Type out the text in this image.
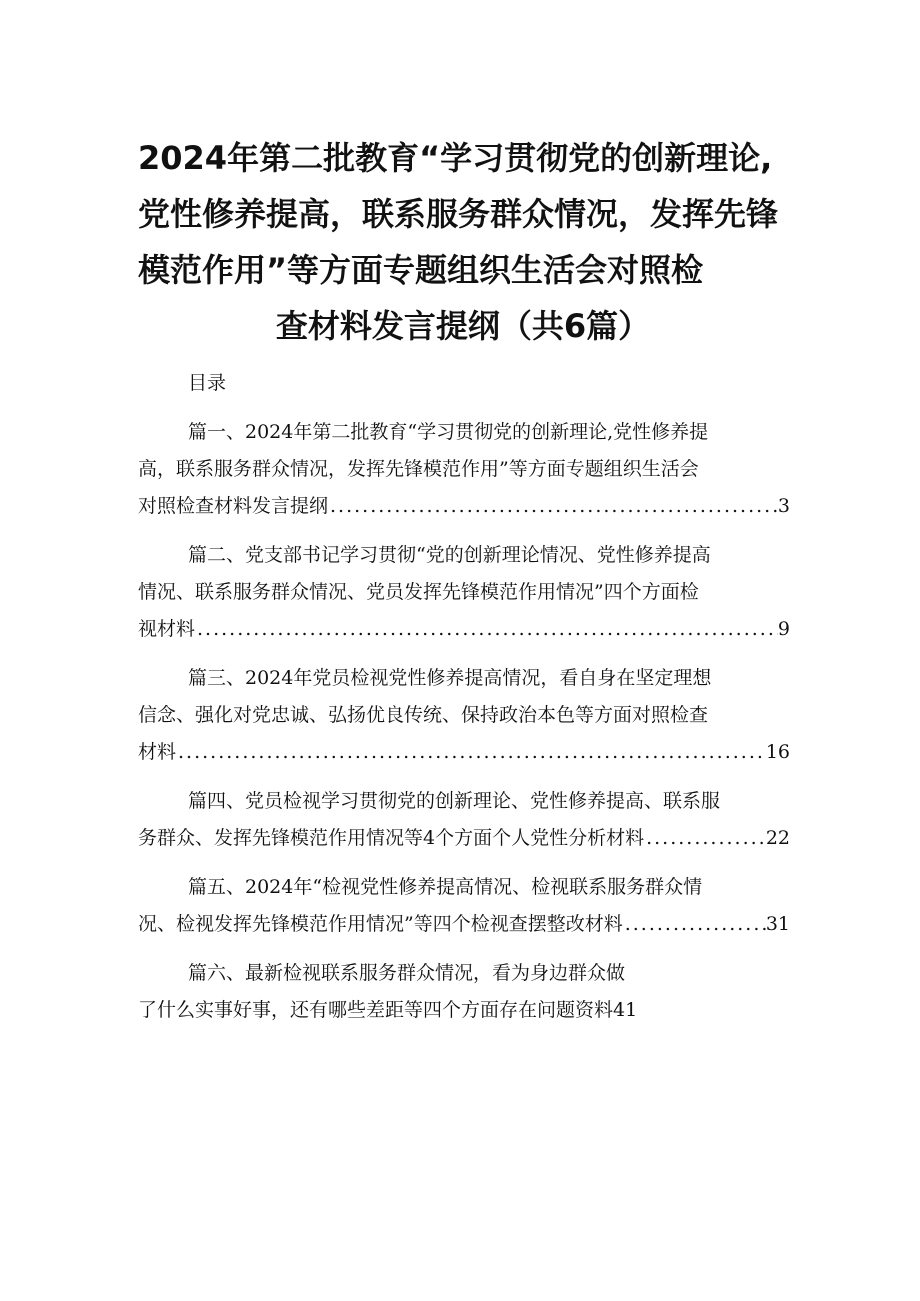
2024年第二批教育“学习贯彻党的创新理论,
党性修养提高，联系服务群众情况，发挥先锋
模范作用”等方面专题组织生活会对照检
查材料发言提纲（共6篇）
目录
篇一、2024年第二批教育“学习贯彻党的创新理论,党性修养提
高，联系服务群众情况，发挥先锋模范作用”等方面专题组织生活会
对照检查材料发言提纲 .....	3
篇二、党支部书记学习贯彻“党的创新理论情况、党性修养提高
情况、联系服务群众情况、党员发挥先锋模范作用情况”四个方面检
视材料 .....	9
篇三、2024年党员检视党性修养提高情况，看自身在坚定理想
信念、强化对党忠诚、弘扬优良传统、保持政治本色等方面对照检查
材料 .....	16
篇四、党员检视学习贯彻党的创新理论、党性修养提高、联系服
务群众、发挥先锋模范作用情况等4个方面个人党性分析材料 .....	22
篇五、2024年“检视党性修养提高情况、检视联系服务群众情
况、检视发挥先锋模范作用情况”等四个检视查摆整改材料 .....	31
篇六、最新检视联系服务群众情况，看为身边群众做
了什么实事好事，还有哪些差距等四个方面存在问题资料 41
